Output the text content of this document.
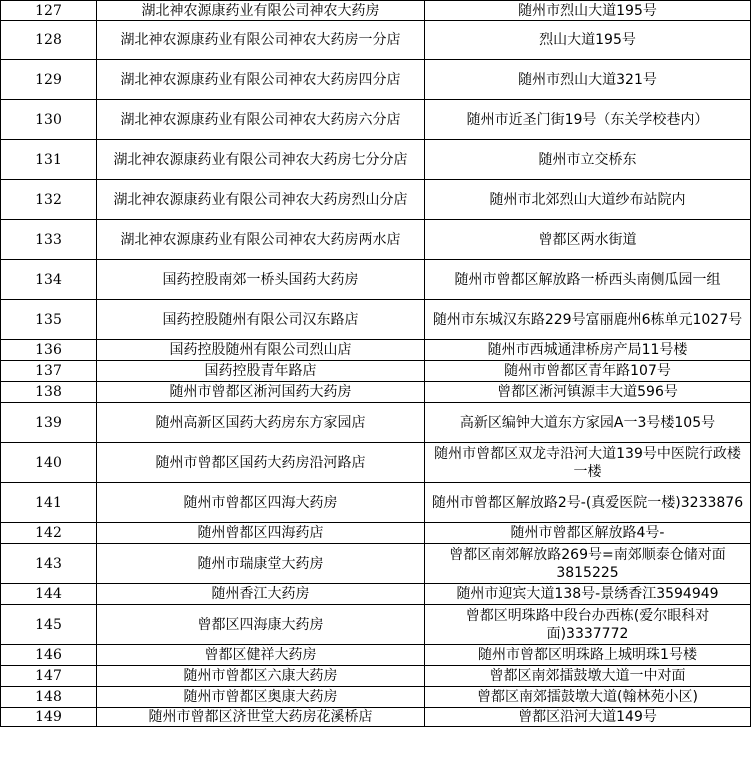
127	湖北神农源康药业有限公司神农大药房	随州市烈山大道195号
128	湖北神农源康药业有限公司神农大药房一分店	烈山大道195号
129	湖北神农源康药业有限公司神农大药房四分店	随州市烈山大道321号
130	湖北神农源康药业有限公司神农大药房六分店	随州市近圣门街19号（东关学校巷内）
131	湖北神农源康药业有限公司神农大药房七分分店	随州市立交桥东
132	湖北神农源康药业有限公司神农大药房烈山分店	随州市北郊烈山大道纱布站院内
133	湖北神农源康药业有限公司神农大药房两水店	曾都区两水街道
134	国药控股南郊一桥头国药大药房	随州市曾都区解放路一桥西头南侧瓜园一组
135	国药控股随州有限公司汉东路店	随州市东城汉东路229号富丽鹿州6栋单元1027号
136	国药控股随州有限公司烈山店	随州市西城通津桥房产局11号楼
137	国药控股青年路店	随州市曾都区青年路107号
138	随州市曾都区淅河国药大药房	曾都区淅河镇源丰大道596号
139	随州高新区国药大药房东方家园店	高新区编钟大道东方家园A一3号楼105号
140	随州市曾都区国药大药房沿河路店	随州市曾都区双龙寺沿河大道139号中医院行政楼一楼
141	随州市曾都区四海大药房	随州市曾都区解放路2号-(真爱医院一楼)3233876
142	随州曾都区四海药店	随州市曾都区解放路4号-
143	随州市瑞康堂大药房	曾都区南郊解放路269号=南郊顺泰仓储对面3815225
144	随州香江大药房	随州市迎宾大道138号-景绣香江3594949
145	曾都区四海康大药房	曾都区明珠路中段台办西栋(爱尔眼科对面)3337772
146	曾都区健祥大药房	随州市曾都区明珠路上城明珠1号楼
147	随州市曾都区六康大药房	曾都区南郊擂鼓墩大道一中对面
148	随州市曾都区奥康大药房	曾都区南郊擂鼓墩大道(翰林苑小区)
149	随州市曾都区济世堂大药房花溪桥店	曾都区沿河大道149号
